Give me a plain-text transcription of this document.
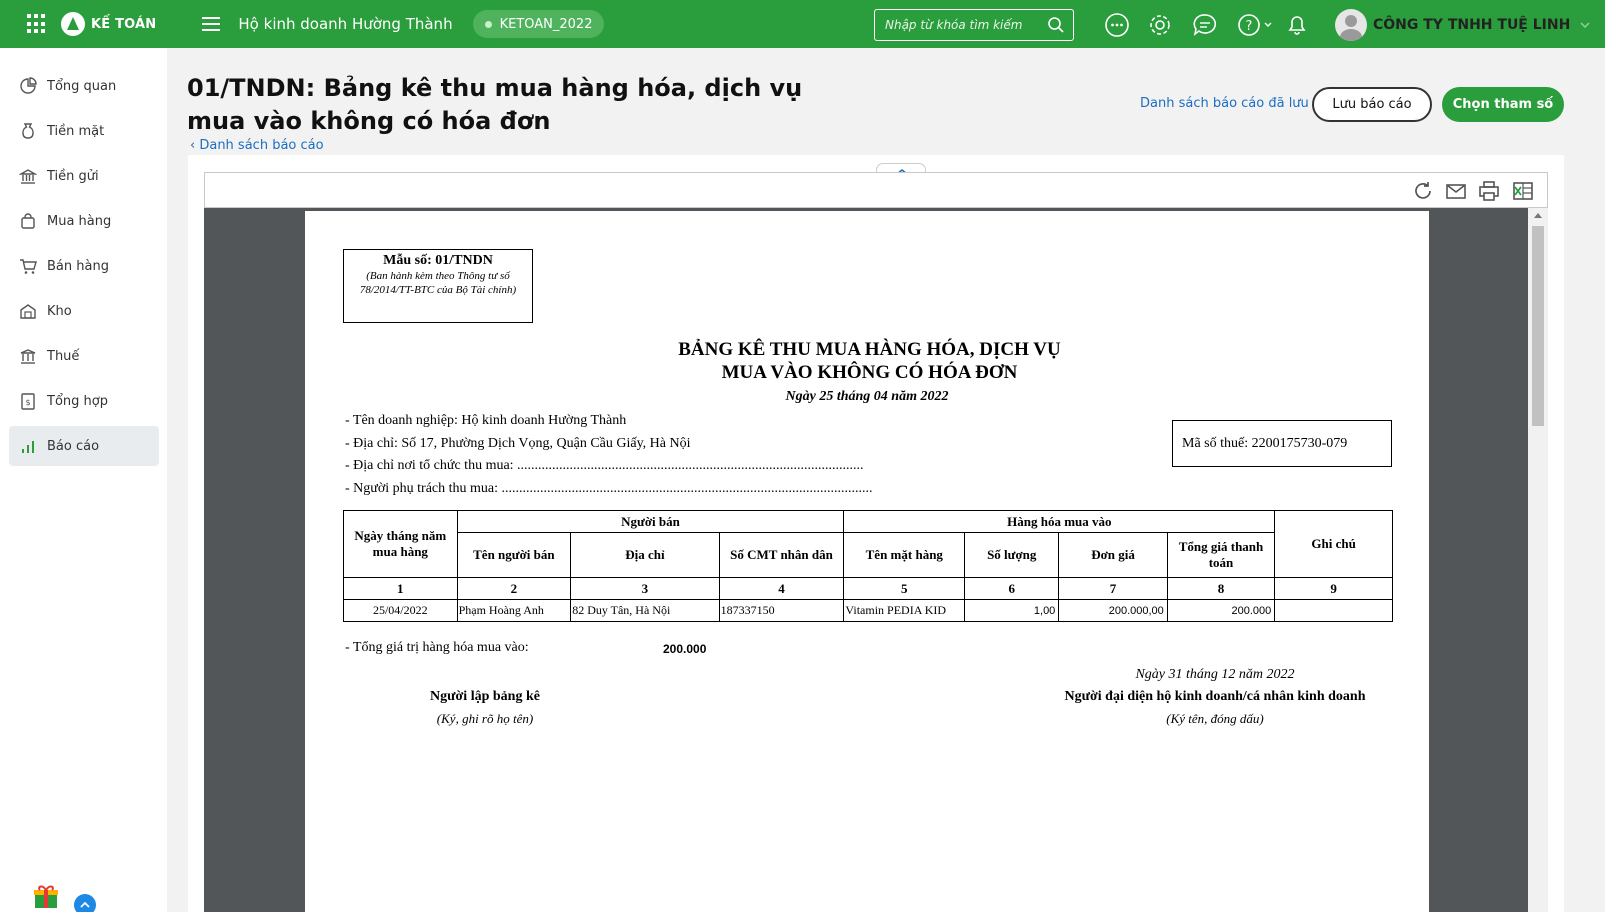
KẾ TOÁN	Hộ kinh doanh Hường Thành	KETOAN_2022
Nhập từ khóa tìm kiếm	?	CÔNG TY TNHH TUỆ LINH
Tổng quan
Tiền mặt
Tiền gửi
Mua hàng
Bán hàng
Kho
Thuế
$ Tổng hợp
Báo cáo
01/TNDN: Bảng kê thu mua hàng hóa, dịch vụ mua vào không có hóa đơn
‹ Danh sách báo cáo
Danh sách báo cáo đã lưu	Lưu báo cáo	Chọn tham số
Mẫu số: 01/TNDN
(Ban hành kèm theo Thông tư số 78/2014/TT-BTC của Bộ Tài chính)
BẢNG KÊ THU MUA HÀNG HÓA, DỊCH VỤ
MUA VÀO KHÔNG CÓ HÓA ĐƠN
Ngày 25 tháng 04 năm 2022
- Tên doanh nghiệp: Hộ kinh doanh Hường Thành
- Địa chỉ: Số 17, Phường Dịch Vọng, Quận Cầu Giấy, Hà Nội
- Địa chỉ nơi tổ chức thu mua: ...................................................................................................
- Người phụ trách thu mua: ..........................................................................................................
Mã số thuế: 2200175730-079
Ngày tháng năm mua hàng	Người bán			Hàng hóa mua vào				Ghi chú
	Tên người bán	Địa chỉ	Số CMT nhân dân	Tên mặt hàng	Số lượng	Đơn giá	Tổng giá thanh toán	
1	2	3	4	5	6	7	8	9
25/04/2022	Phạm Hoàng Anh	82 Duy Tân, Hà Nội	187337150	Vitamin PEDIA KID	1,00	200.000,00	200.000	
- Tổng giá trị hàng hóa mua vào:	200.000
Ngày 31 tháng 12 năm 2022
Người lập bảng kê
(Ký, ghi rõ họ tên)
Người đại diện hộ kinh doanh/cá nhân kinh doanh
(Ký tên, đóng dấu)
